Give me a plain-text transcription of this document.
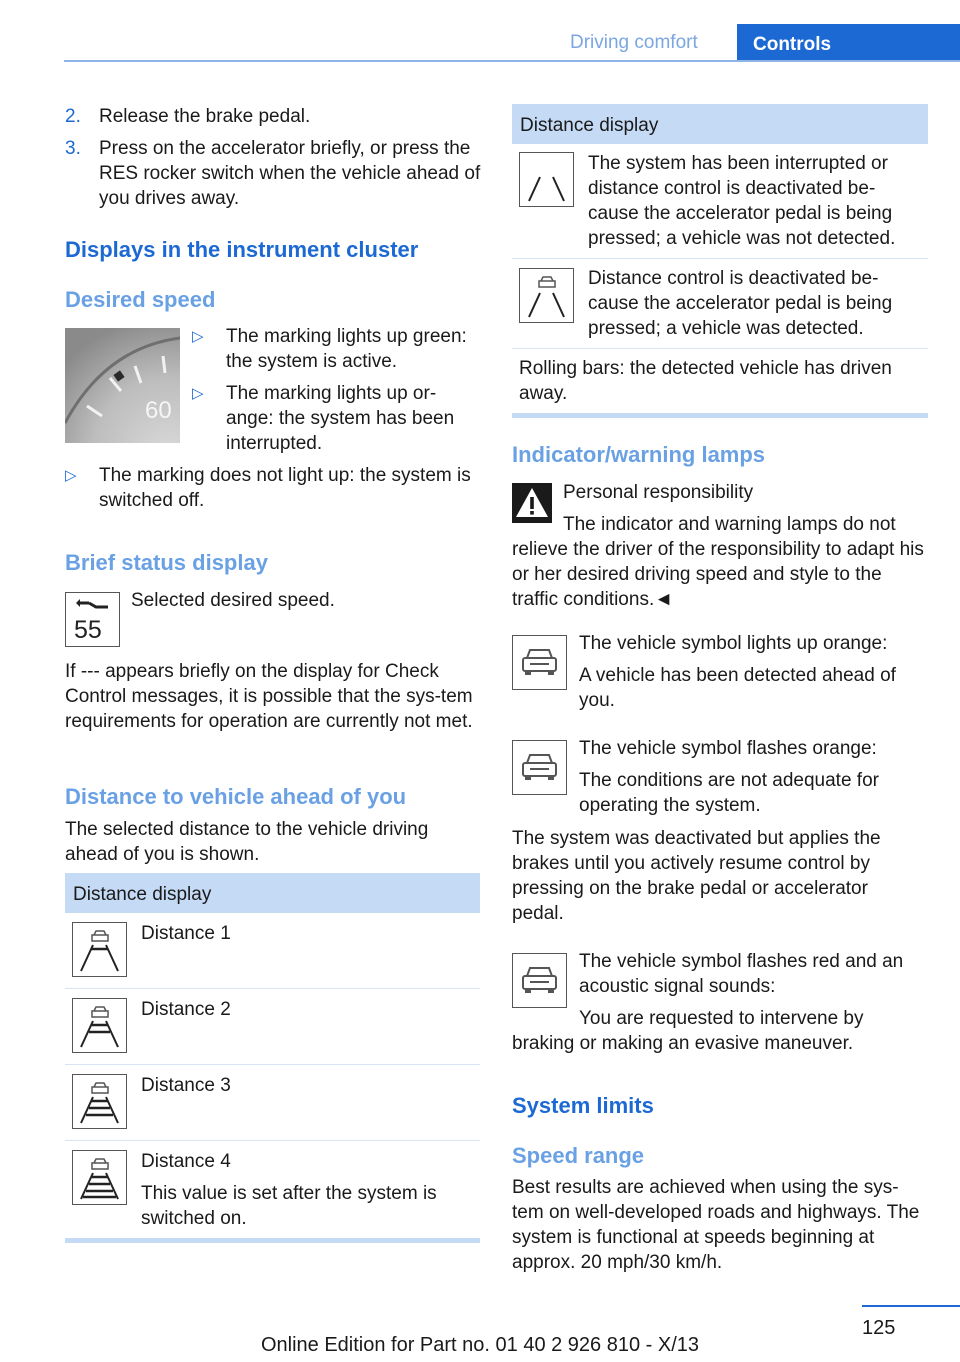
Driving comfort	Controls
2. Release the brake pedal.
3. Press on the accelerator briefly, or press the RES rocker switch when the vehicle ahead of you drives away.
Displays in the instrument cluster
Desired speed
60
▷ The marking lights up green: the system is active.
▷ The marking lights up or-ange: the system has been interrupted.
▷ The marking does not light up: the system is switched off.
Brief status display
55
Selected desired speed.
If --- appears briefly on the display for Check Control messages, it is possible that the sys-tem requirements for operation are currently not met.
Distance to vehicle ahead of you
The selected distance to the vehicle driving ahead of you is shown.
Distance display
Distance 1
Distance 2
Distance 3
Distance 4
This value is set after the system is switched on.
Distance display
The system has been interrupted or distance control is deactivated be-cause the accelerator pedal is being pressed; a vehicle was not detected.
Distance control is deactivated be-cause the accelerator pedal is being pressed; a vehicle was detected.
Rolling bars: the detected vehicle has driven away.
Indicator/warning lamps
Personal responsibility
The indicator and warning lamps do not relieve the driver of the responsibility to adapt his or her desired driving speed and style to the traffic conditions.◄
The vehicle symbol lights up orange:
A vehicle has been detected ahead of you.
The vehicle symbol flashes orange:
The conditions are not adequate for operating the system.
The system was deactivated but applies the brakes until you actively resume control by pressing on the brake pedal or accelerator pedal.
The vehicle symbol flashes red and an acoustic signal sounds:
You are requested to intervene by braking or making an evasive maneuver.
System limits
Speed range
Best results are achieved when using the sys-tem on well-developed roads and highways. The system is functional at speeds beginning at approx. 20 mph/30 km/h.
125
Online Edition for Part no. 01 40 2 926 810 - X/13
